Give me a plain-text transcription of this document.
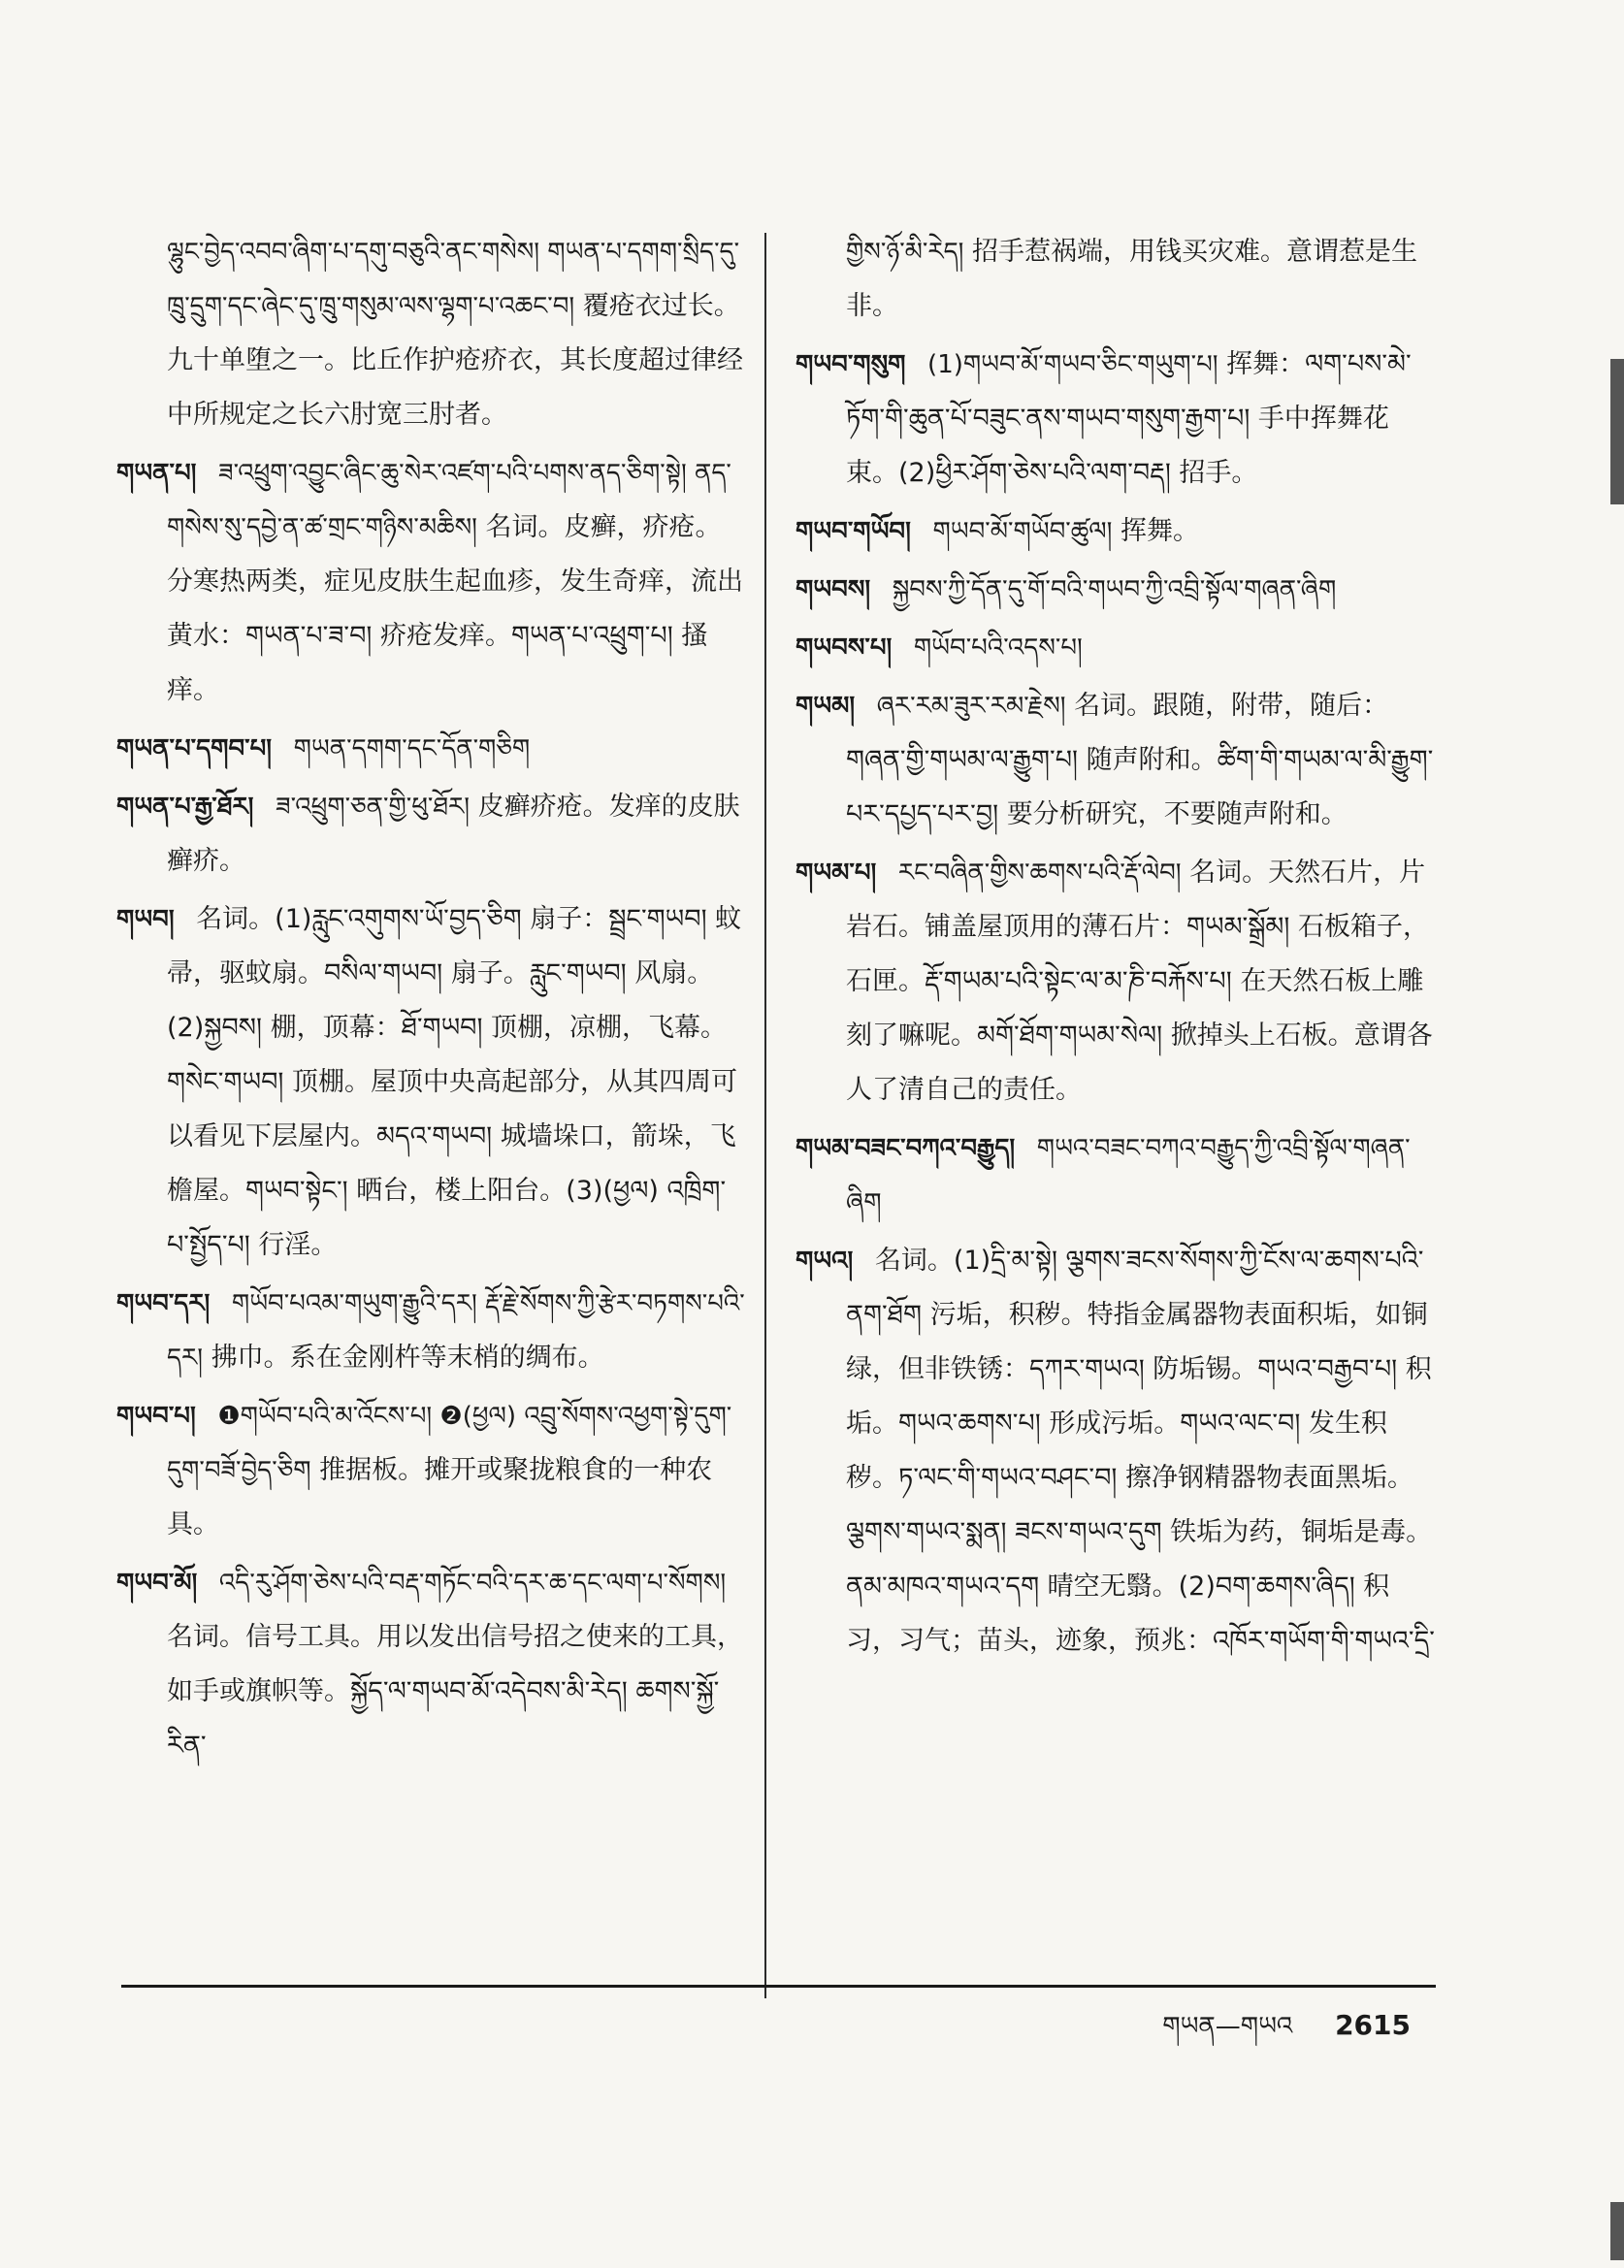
ལྷུང་བྱེད་འབབ་ཞིག་པ་དགུ་བཅུའི་ནང་གསེས། གཡན་པ་དགག་སྲིད་དུ་ཁྲུ་དྲུག་དང་ཞེང་དུ་ཁྲུ་གསུམ་ལས་ལྷག་པ་འཆང་བ། 覆疮衣过长。九十单堕之一。比丘作护疮疥衣，其长度超过律经中所规定之长六肘宽三肘者。
གཡན་པ། ཟ་འཕྲུག་འབྱུང་ཞིང་ཆུ་སེར་འཛག་པའི་པགས་ནད་ཅིག་སྟེ། ནད་གསེས་སུ་དབྱེ་ན་ཚ་གྲང་གཉིས་མཆིས། 名词。皮癣，疥疮。分寒热两类，症见皮肤生起血疹，发生奇痒，流出黄水：གཡན་པ་ཟ་བ། 疥疮发痒。གཡན་པ་འཕྲུག་པ། 搔痒。
གཡན་པ་དགབ་པ། གཡན་དགག་དང་དོན་གཅིག
གཡན་པ་རྒྱ་ཐོར། ཟ་འཕྲུག་ཅན་གྱི་ཕུ་ཐོར། 皮癣疥疮。发痒的皮肤癣疥。
གཡབ། 名词。(1)རླུང་འགུགས་ཡོ་བྱད་ཅིག 扇子：སྦྲང་གཡབ། 蚊帚，驱蚊扇。བསིལ་གཡབ། 扇子。རླུང་གཡབ། 风扇。(2)སྐྱབས། 棚，顶幕：ཐོ་གཡབ། 顶棚，凉棚，飞幕。གསེང་གཡབ། 顶棚。屋顶中央高起部分，从其四周可以看见下层屋内。མདའ་གཡབ། 城墙垛口，箭垛，飞檐屋。གཡབ་སྟེང་། 晒台，楼上阳台。(3)(ཕྱལ) འཁྲིག་པ་སྤྱོད་པ། 行淫。
གཡབ་དར། གཡོབ་པའམ་གཡུག་རྒྱུའི་དར། རྡོ་རྗེ་སོགས་ཀྱི་རྩེར་བཏགས་པའི་དར། 拂巾。系在金刚杵等末梢的绸布。
གཡབ་པ། ❶གཡོབ་པའི་མ་འོངས་པ། ❷(ཕྱལ) འབྲུ་སོགས་འཕྱག་སྟེ་དུག་དུག་བཟོ་བྱེད་ཅིག 推据板。摊开或聚拢粮食的一种农具。
གཡབ་མོ། འདི་རུ་ཤོག་ཅེས་པའི་བརྡ་གཏོང་བའི་དར་ཆ་དང་ལག་པ་སོགས། 名词。信号工具。用以发出信号招之使来的工具，如手或旗帜等。སྐྱོད་ལ་གཡབ་མོ་འདེབས་མི་རེད། ཆགས་སྐྱོ་རིན་
གྱིས་ཉོ་མི་རེད། 招手惹祸端，用钱买灾难。意谓惹是生非。
གཡབ་གསུག (1)གཡབ་མོ་གཡབ་ཅིང་གཡུག་པ། 挥舞：ལག་པས་མེ་ཏོག་གི་ཆུན་པོ་བཟུང་ནས་གཡབ་གསུག་རྒྱག་པ། 手中挥舞花束。(2)ཕྱིར་ཤོག་ཅེས་པའི་ལག་བརྡ། 招手。
གཡབ་གཡོབ། གཡབ་མོ་གཡོབ་ཚུལ། 挥舞。
གཡབས། སྐྱབས་ཀྱི་དོན་དུ་གོ་བའི་གཡབ་ཀྱི་འབྲི་སྟོལ་གཞན་ཞིག
གཡབས་པ། གཡོབ་པའི་འདས་པ།
གཡམ། ཞར་རམ་ཟུར་རམ་རྗེས། 名词。跟随，附带，随后：གཞན་གྱི་གཡམ་ལ་རྒྱུག་པ། 随声附和。ཚིག་གི་གཡམ་ལ་མི་རྒྱུག་པར་དཔྱད་པར་བྱ། 要分析研究，不要随声附和。
གཡམ་པ། རང་བཞིན་གྱིས་ཆགས་པའི་རྡོ་ལེབ། 名词。天然石片，片岩石。铺盖屋顶用的薄石片：གཡམ་སྒྲོམ། 石板箱子，石匣。རྡོ་གཡམ་པའི་སྟེང་ལ་མ་ཎི་བརྐོས་པ། 在天然石板上雕刻了嘛呢。མགོ་ཐོག་གཡམ་སེལ། 掀掉头上石板。意谓各人了清自己的责任。
གཡམ་བཟང་བཀའ་བརྒྱུད། གཡའ་བཟང་བཀའ་བརྒྱུད་ཀྱི་འབྲི་སྟོལ་གཞན་ཞིག
གཡའ། 名词。(1)དྲི་མ་སྟེ། ལྕགས་ཟངས་སོགས་ཀྱི་ངོས་ལ་ཆགས་པའི་ནག་ཐོག 污垢，积秽。特指金属器物表面积垢，如铜绿，但非铁锈：དཀར་གཡའ། 防垢锡。གཡའ་བརྒྱབ་པ། 积垢。གཡའ་ཆགས་པ། 形成污垢。གཡའ་ལང་བ། 发生积秽。ཏ་ལང་གི་གཡའ་བཤང་བ། 擦净钢精器物表面黑垢。ལྕགས་གཡའ་སྨན། ཟངས་གཡའ་དུག 铁垢为药，铜垢是毒。ནམ་མཁའ་གཡའ་དག 晴空无翳。(2)བག་ཆགས་ཞིད། 积习，习气；苗头，迹象，预兆：འཁོར་གཡོག་གི་གཡའ་དྲི་
གཡན—གཡའ 2615
